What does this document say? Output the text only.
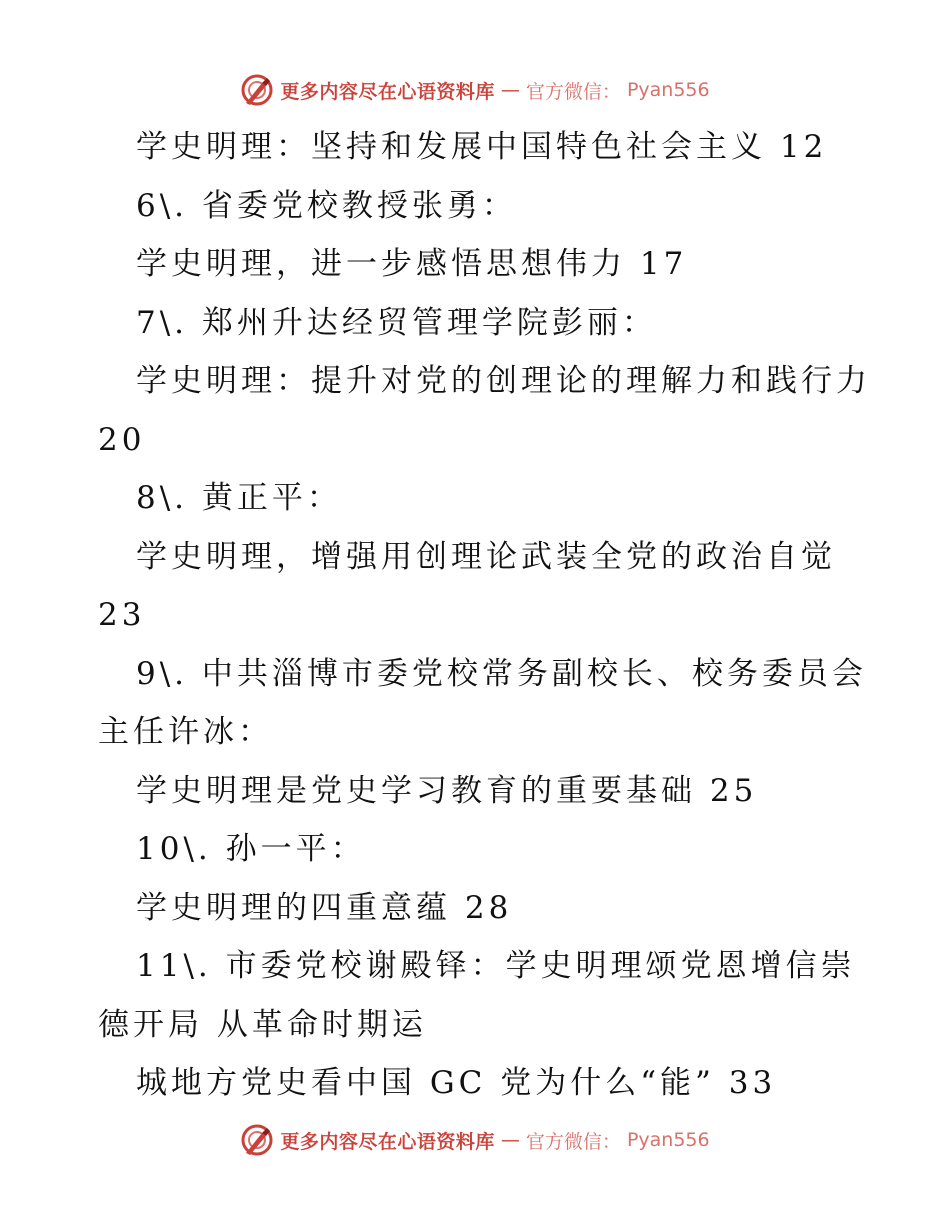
更多内容尽在心语资料库 — 官方微信： Pyan556
学史明理：坚持和发展中国特色社会主义 12
6\. 省委党校教授张勇：
学史明理，进一步感悟思想伟力 17
7\. 郑州升达经贸管理学院彭丽：
学史明理：提升对党的创理论的理解力和践行力
20
8\. 黄正平：
学史明理，增强用创理论武装全党的政治自觉
23
9\. 中共淄博市委党校常务副校长、校务委员会
主任许冰：
学史明理是党史学习教育的重要基础 25
10\. 孙一平：
学史明理的四重意蕴 28
11\. 市委党校谢殿铎：学史明理颂党恩增信崇
德开局 从革命时期运
城地方党史看中国 GC 党为什么“能” 33
更多内容尽在心语资料库 — 官方微信： Pyan556
